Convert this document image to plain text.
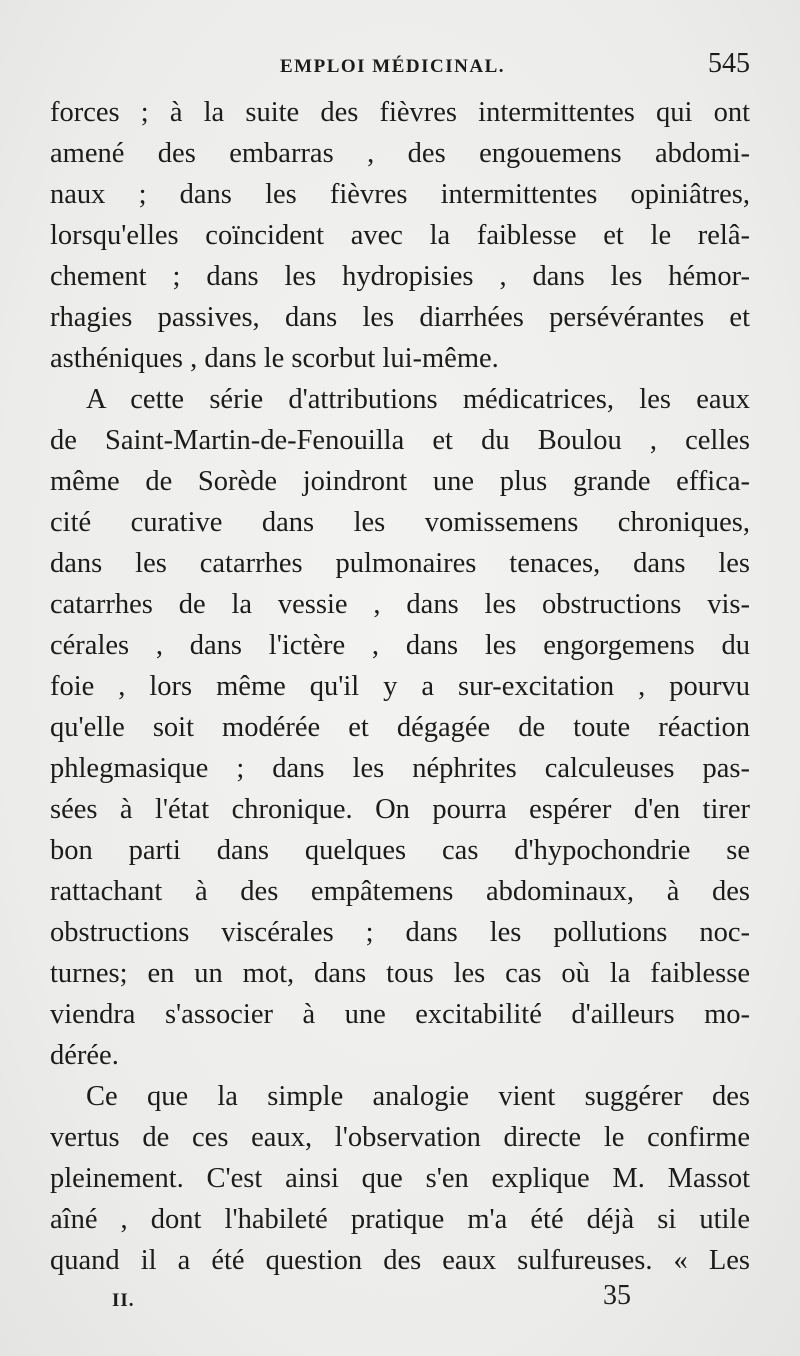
EMPLOI MÉDICINAL.	545
forces ; à la suite des fièvres intermittentes qui ont
amené des embarras , des engouemens abdomi-
naux ; dans les fièvres intermittentes opiniâtres,
lorsqu'elles coïncident avec la faiblesse et le relâ-
chement ; dans les hydropisies , dans les hémor-
rhagies passives, dans les diarrhées persévérantes et
asthéniques , dans le scorbut lui-même.
A cette série d'attributions médicatrices, les eaux
de Saint-Martin-de-Fenouilla et du Boulou , celles
même de Sorède joindront une plus grande effica-
cité curative dans les vomissemens chroniques,
dans les catarrhes pulmonaires tenaces, dans les
catarrhes de la vessie , dans les obstructions vis-
cérales , dans l'ictère , dans les engorgemens du
foie , lors même qu'il y a sur-excitation , pourvu
qu'elle soit modérée et dégagée de toute réaction
phlegmasique ; dans les néphrites calculeuses pas-
sées à l'état chronique. On pourra espérer d'en tirer
bon parti dans quelques cas d'hypochondrie se
rattachant à des empâtemens abdominaux, à des
obstructions viscérales ; dans les pollutions noc-
turnes; en un mot, dans tous les cas où la faiblesse
viendra s'associer à une excitabilité d'ailleurs mo-
dérée.
Ce que la simple analogie vient suggérer des
vertus de ces eaux, l'observation directe le confirme
pleinement. C'est ainsi que s'en explique M. Massot
aîné , dont l'habileté pratique m'a été déjà si utile
quand il a été question des eaux sulfureuses. « Les
II.	35
